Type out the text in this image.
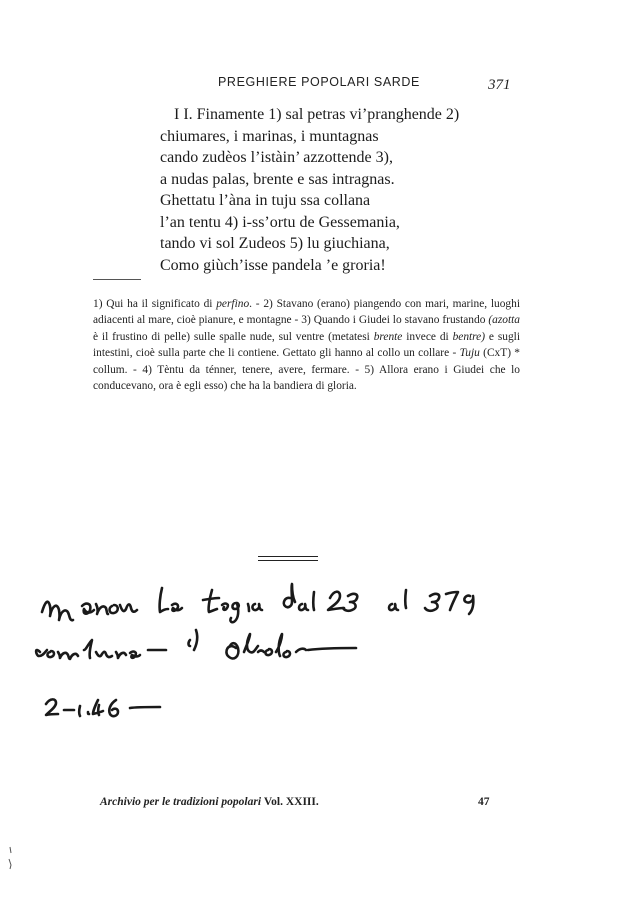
PREGHIERE POPOLARI SARDE	371
I I. Finamente 1) sal petras vi’pranghende 2)
chiumares, i marinas, i muntagnas
cando zudèos l’istàin’ azzottende 3),
a nudas palas, brente e sas intragnas.
Ghettatu l’àna in tuju ssa collana
l’an tentu 4) i-ss’ortu de Gessemania,
tando vi sol Zudeos 5) lu giuchiana,
Como giùch’isse pandela ’e groria!

1) Qui ha il significato di perfino. - 2) Stavano (erano) piangendo con mari, marine, luoghi adiacenti al mare, cioè pianure, e montagne - 3) Quando i Giudei lo stavano frustando (azotta è il frustino di pelle) sulle spalle nude, sul ventre (metatesi brente invece di bentre) e sugli intestini, cioè sulla parte che li contiene. Gettato gli hanno al collo un collare - Tuju (CxT) * collum. - 4) Tèntu da ténner, tenere, avere, fermare. - 5) Allora erano i Giudei che lo conducevano, ora è egli esso) che ha la bandiera di gloria.

Archivio per le tradizioni popolari Vol. XXIII.	47
